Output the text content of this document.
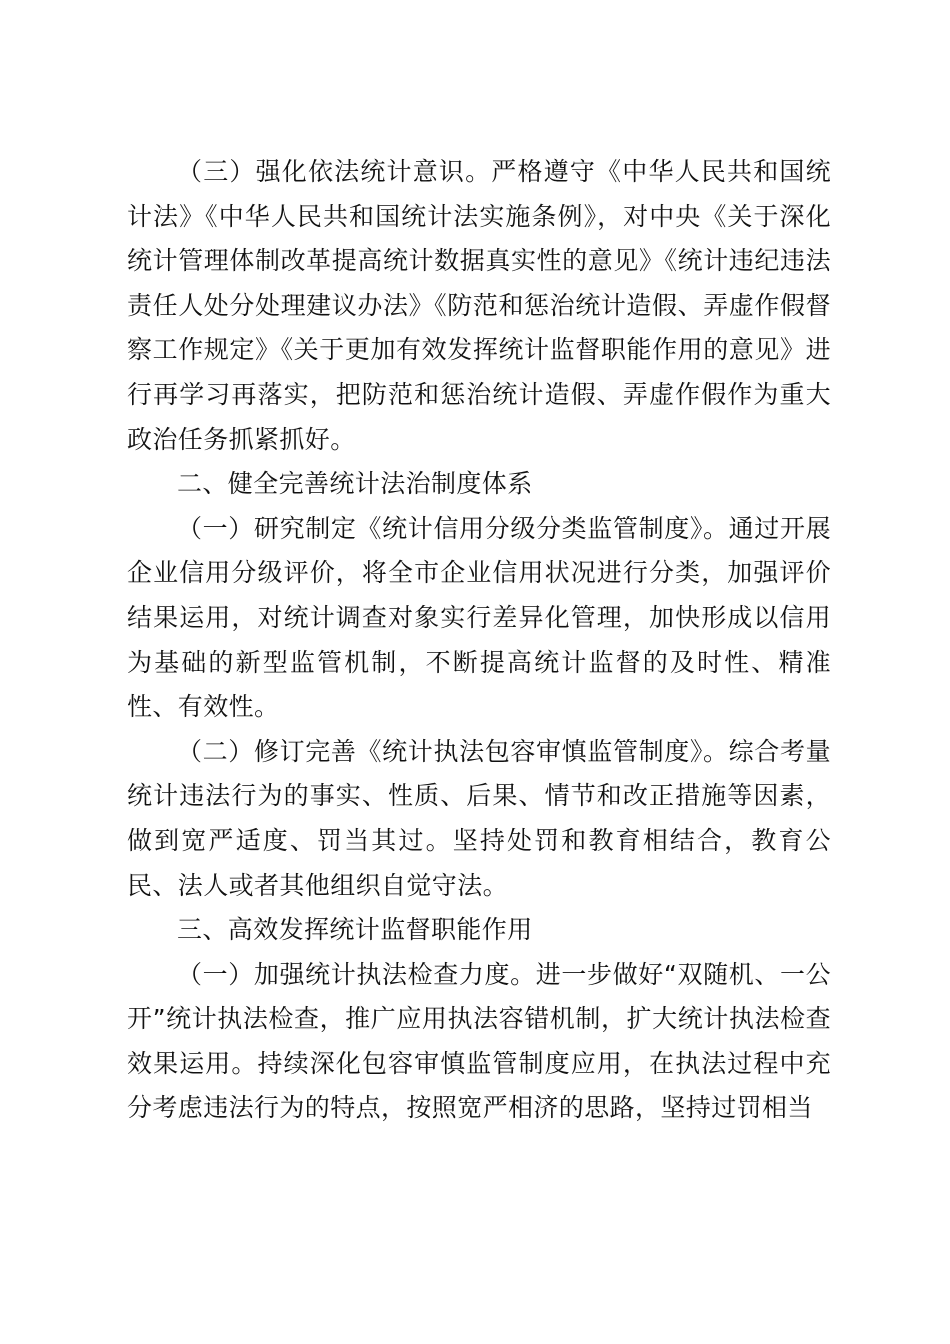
（三）强化依法统计意识。严格遵守《中华人民共和国统计法》《中华人民共和国统计法实施条例》，对中央《关于深化统计管理体制改革提高统计数据真实性的意见》《统计违纪违法责任人处分处理建议办法》《防范和惩治统计造假、弄虚作假督察工作规定》《关于更加有效发挥统计监督职能作用的意见》进行再学习再落实，把防范和惩治统计造假、弄虚作假作为重大政治任务抓紧抓好。

二、健全完善统计法治制度体系

（一）研究制定《统计信用分级分类监管制度》。通过开展企业信用分级评价，将全市企业信用状况进行分类，加强评价结果运用，对统计调查对象实行差异化管理，加快形成以信用为基础的新型监管机制，不断提高统计监督的及时性、精准性、有效性。

（二）修订完善《统计执法包容审慎监管制度》。综合考量统计违法行为的事实、性质、后果、情节和改正措施等因素，做到宽严适度、罚当其过。坚持处罚和教育相结合，教育公民、法人或者其他组织自觉守法。

三、高效发挥统计监督职能作用

（一）加强统计执法检查力度。进一步做好“双随机、一公开”统计执法检查，推广应用执法容错机制，扩大统计执法检查效果运用。持续深化包容审慎监管制度应用，在执法过程中充分考虑违法行为的特点，按照宽严相济的思路，坚持过罚相当
